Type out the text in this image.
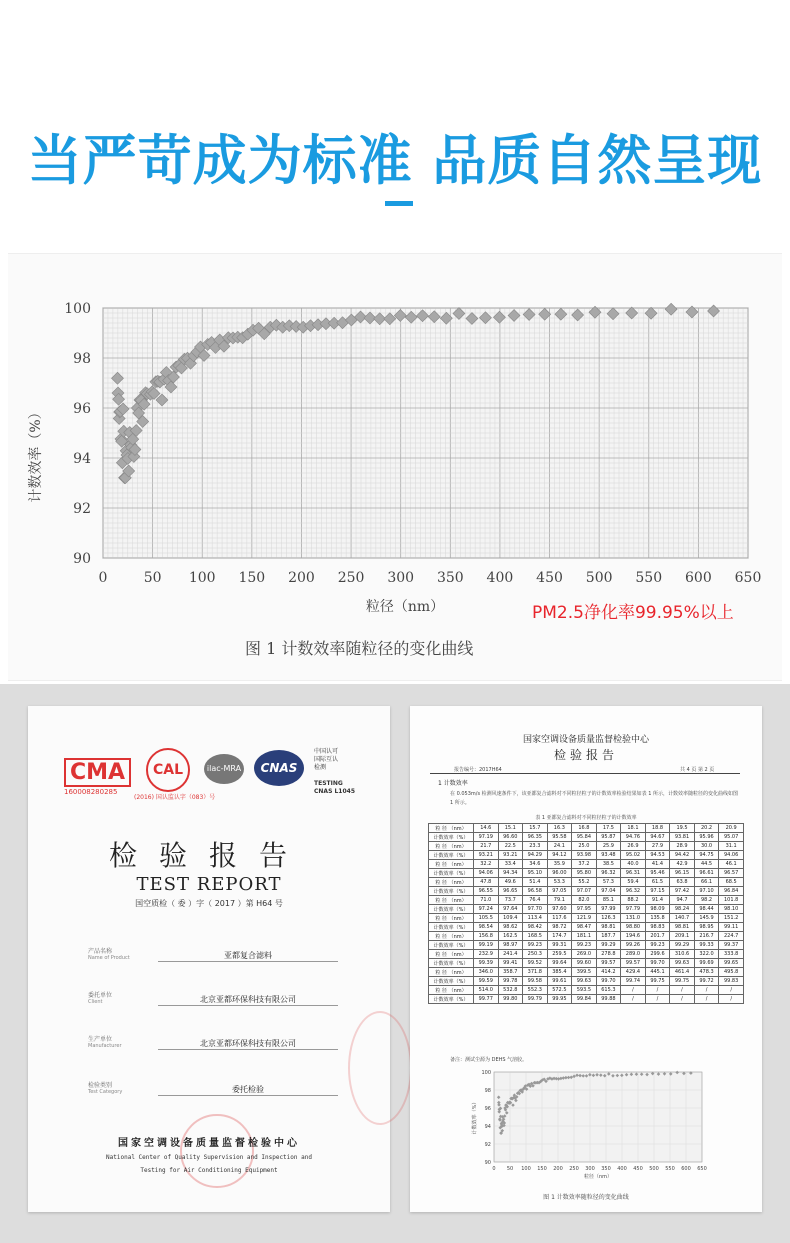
当严苛成为标准 品质自然呈现
0	50 100 150 200 250 300 350 400 450 500 550 600 650
90
92
94
96
98
100
计数效率（%）
粒径（nm）	PM2.5净化率99.95%以上
图 1 计数效率随粒径的变化曲线
CMA
160008280285
CAL
(2016) 国认监认字（083）号
ilac-MRA	CNAS
中国认可
国际互认
检测
TESTING
CNAS L1045
检验报告
TEST REPORT
国空质检（ 委 ）字（ 2017 ）第 H64 号
产品名称
Name of Product	亚都复合滤料
委托单位
Client	北京亚都环保科技有限公司
生产单位
Manufacturer	北京亚都环保科技有限公司
检验类别
Test Category	委托检验
国家空调设备质量监督检验中心
National Center of Quality Supervision and Inspection and
Testing for Air Conditioning Equipment
国家空调设备质量监督检验中心
检验报告
报告编号：2017H64	共 4 页 第 2 页
1 计数效率
在 0.053m/s 检测风速条件下，该亚都复合滤料对不同粒径粒子的计数效率检验结果如表 1 所示，计数效率随粒径的变化曲线如图 1 所示。
表 1 亚都复合滤料对不同粒径粒子的计数效率
粒 径 （nm）	14.6	15.1	15.7	16.3	16.8	17.5	18.1	18.8	19.5	20.2	20.9
计数效率（%）	97.19	96.60	96.35	95.58	95.84	95.87	94.76	94.67	93.81	95.96	95.07
粒 径 （nm）	21.7	22.5	23.3	24.1	25.0	25.9	26.9	27.9	28.9	30.0	31.1
计数效率（%）	93.21	93.21	94.29	94.12	93.98	93.48	95.02	94.53	94.42	94.75	94.06
粒 径 （nm）	32.2	33.4	34.6	35.9	37.2	38.5	40.0	41.4	42.9	44.5	46.1
计数效率（%）	94.06	94.34	95.10	96.00	95.80	96.32	96.31	95.46	96.15	96.61	96.57
粒 径 （nm）	47.8	49.6	51.4	53.3	55.2	57.3	59.4	61.5	63.8	66.1	68.5
计数效率（%）	96.55	96.65	96.58	97.05	97.07	97.04	96.32	97.15	97.42	97.10	96.84
粒 径 （nm）	71.0	73.7	76.4	79.1	82.0	85.1	88.2	91.4	94.7	98.2	101.8
计数效率（%）	97.24	97.64	97.70	97.60	97.95	97.99	97.79	98.09	98.24	98.44	98.10
粒 径 （nm）	105.5	109.4	113.4	117.6	121.9	126.3	131.0	135.8	140.7	145.9	151.2
计数效率（%）	98.54	98.62	98.42	98.72	98.47	98.81	98.80	98.83	98.81	98.95	99.11
粒 径 （nm）	156.8	162.5	168.5	174.7	181.1	187.7	194.6	201.7	209.1	216.7	224.7
计数效率（%）	99.19	98.97	99.23	99.31	99.23	99.29	99.26	99.23	99.29	99.33	99.37
粒 径 （nm）	232.9	241.4	250.3	259.5	269.0	278.8	289.0	299.6	310.6	322.0	333.8
计数效率（%）	99.39	99.41	99.52	99.64	99.60	99.57	99.57	99.70	99.63	99.69	99.65
粒 径 （nm）	346.0	358.7	371.8	385.4	399.5	414.2	429.4	445.1	461.4	478.3	495.8
计数效率（%）	99.59	99.78	99.58	99.61	99.63	99.70	99.74	99.75	99.75	99.72	99.83
粒 径 （nm）	514.0	532.8	552.3	572.5	593.5	615.3	/	/	/	/	/
计数效率（%）	99.77	99.80	99.79	99.95	99.84	99.88	/	/	/	/	/
备注：测试尘源为 DEHS 气溶胶。
0 50 100 150 200 250 300 350 400 450 500 550 600 650
90
92
94
96
98
100
计数效率（%）
粒径（nm）
图 1 计数效率随粒径的变化曲线
